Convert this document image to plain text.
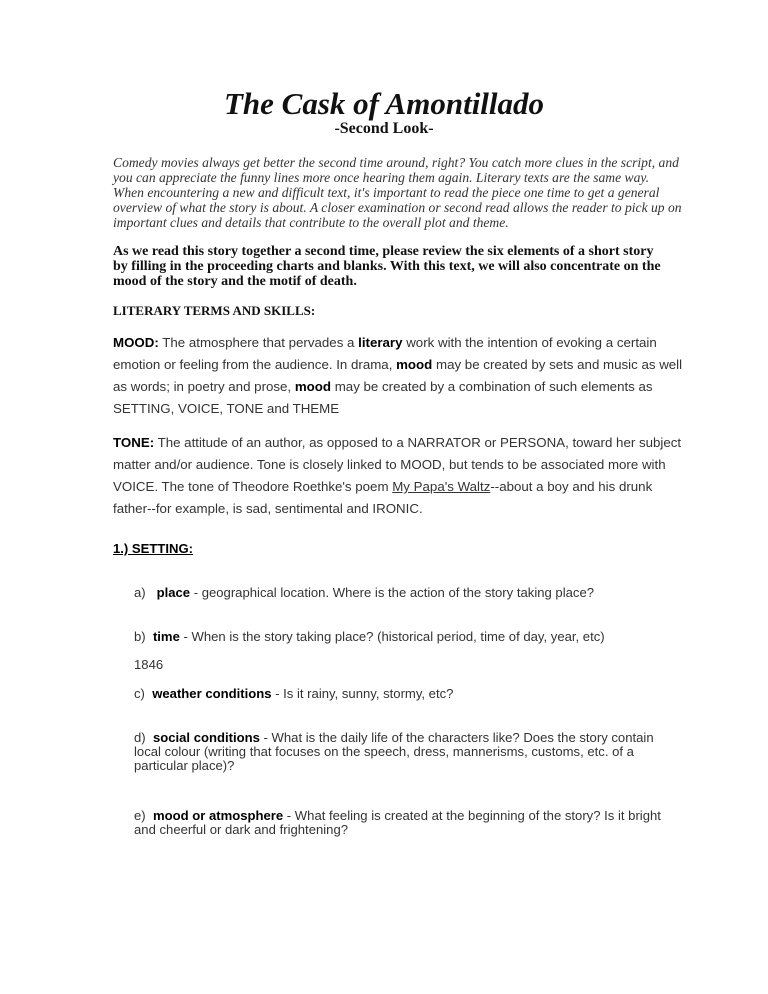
The Cask of Amontillado
-Second Look-
Comedy movies always get better the second time around, right? You catch more clues in the script, and
you can appreciate the funny lines more once hearing them again. Literary texts are the same way.
When encountering a new and difficult text, it's important to read the piece one time to get a general
overview of what the story is about. A closer examination or second read allows the reader to pick up on
important clues and details that contribute to the overall plot and theme.
As we read this story together a second time, please review the six elements of a short story
by filling in the proceeding charts and blanks. With this text, we will also concentrate on the
mood of the story and the motif of death.
LITERARY TERMS AND SKILLS:
MOOD: The atmosphere that pervades a literary work with the intention of evoking a certain
emotion or feeling from the audience. In drama, mood may be created by sets and music as well
as words; in poetry and prose, mood may be created by a combination of such elements as
SETTING, VOICE, TONE and THEME
TONE: The attitude of an author, as opposed to a NARRATOR or PERSONA, toward her subject
matter and/or audience. Tone is closely linked to MOOD, but tends to be associated more with
VOICE. The tone of Theodore Roethke's poem My Papa's Waltz--about a boy and his drunk
father--for example, is sad, sentimental and IRONIC.
1.) SETTING:
a) place - geographical location. Where is the action of the story taking place?
b) time - When is the story taking place? (historical period, time of day, year, etc)
1846
c) weather conditions - Is it rainy, sunny, stormy, etc?
d) social conditions - What is the daily life of the characters like? Does the story contain
local colour (writing that focuses on the speech, dress, mannerisms, customs, etc. of a
particular place)?
e) mood or atmosphere - What feeling is created at the beginning of the story? Is it bright
and cheerful or dark and frightening?
